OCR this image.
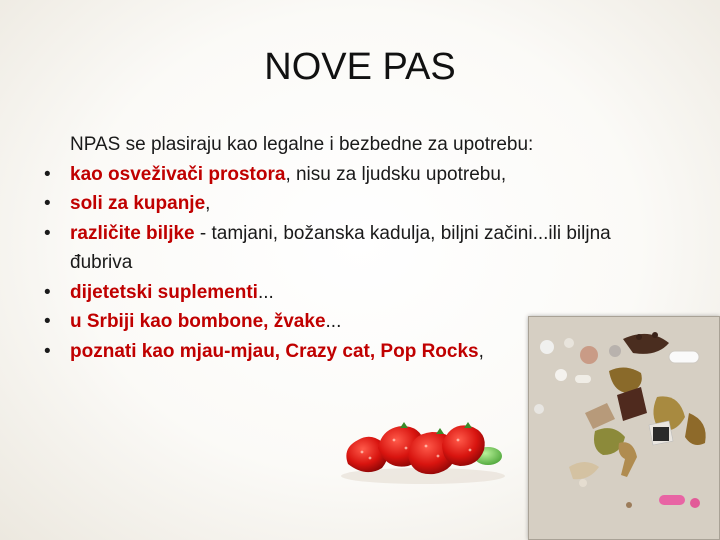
NOVE PAS
NPAS se plasiraju kao legalne i bezbedne za upotrebu:
• kao osveživači prostora, nisu za ljudsku upotrebu,
• soli za kupanje,
• različite biljke - tamjani, božanska kadulja, biljni začini...ili biljna đubriva
• dijetetski suplementi...
• u Srbiji kao bombone, žvake...
• poznati kao mjau-mjau, Crazy cat, Pop Rocks,
